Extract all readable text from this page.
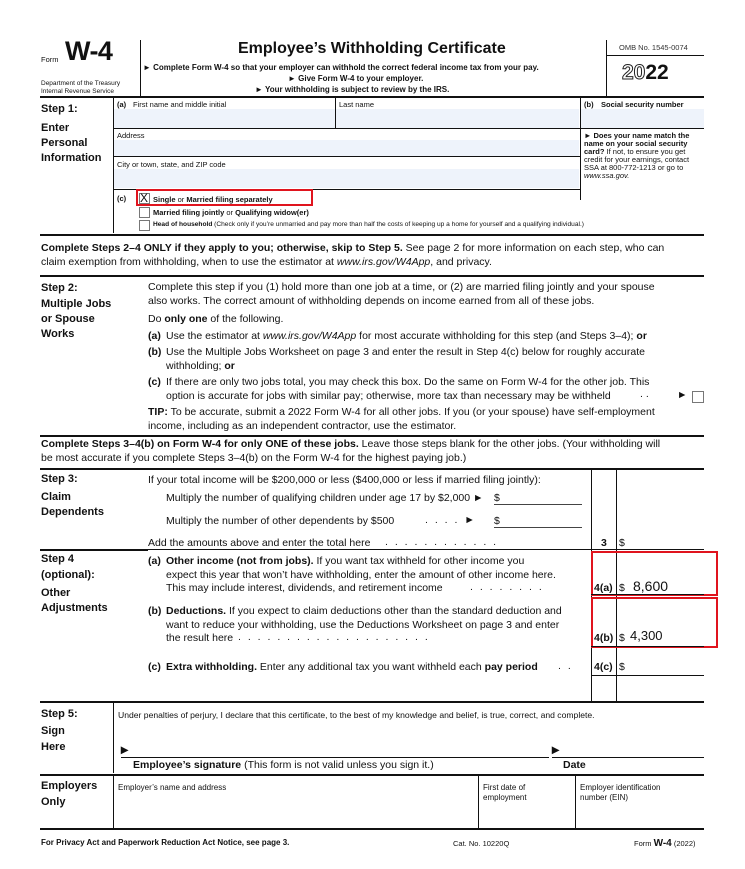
Form W-4
Department of the Treasury
Internal Revenue Service
Employee’s Withholding Certificate
► Complete Form W-4 so that your employer can withhold the correct federal income tax from your pay.
► Give Form W-4 to your employer.
► Your withholding is subject to review by the IRS.
OMB No. 1545-0074
2022
Step 1:
Enter
Personal
Information
(a) First name and middle initial	Last name	(b) Social security number
Address
City or town, state, and ZIP code
► Does your name match the
name on your social security
card? If not, to ensure you get
credit for your earnings, contact
SSA at 800-772-1213 or go to
www.ssa.gov.
(c) X Single or Married filing separately
Married filing jointly or Qualifying widow(er)
Head of household (Check only if you’re unmarried and pay more than half the costs of keeping up a home for yourself and a qualifying individual.)
Complete Steps 2–4 ONLY if they apply to you; otherwise, skip to Step 5. See page 2 for more information on each step, who can
claim exemption from withholding, when to use the estimator at www.irs.gov/W4App, and privacy.
Step 2:
Multiple Jobs
or Spouse
Works
Complete this step if you (1) hold more than one job at a time, or (2) are married filing jointly and your spouse
also works. The correct amount of withholding depends on income earned from all of these jobs.
Do only one of the following.
(a) Use the estimator at www.irs.gov/W4App for most accurate withholding for this step (and Steps 3–4); or
(b) Use the Multiple Jobs Worksheet on page 3 and enter the result in Step 4(c) below for roughly accurate
withholding; or
(c) If there are only two jobs total, you may check this box. Do the same on Form W-4 for the other job. This
option is accurate for jobs with similar pay; otherwise, more tax than necessary may be withheld	. .	►
TIP: To be accurate, submit a 2022 Form W-4 for all other jobs. If you (or your spouse) have self-employment
income, including as an independent contractor, use the estimator.
Complete Steps 3–4(b) on Form W-4 for only ONE of these jobs. Leave those steps blank for the other jobs. (Your withholding will
be most accurate if you complete Steps 3–4(b) on the Form W-4 for the highest paying job.)
Step 3:
Claim
Dependents
If your total income will be $200,000 or less ($400,000 or less if married filing jointly):
Multiply the number of qualifying children under age 17 by $2,000 ► $
Multiply the number of other dependents by $500	. . . . ► $
Add the amounts above and enter the total here . . . . . . . . . . . .	3 $
Step 4
(optional):
Other
Adjustments
(a) Other income (not from jobs). If you want tax withheld for other income you
expect this year that won’t have withholding, enter the amount of other income here.
This may include interest, dividends, and retirement income	. . . . . . . .	4(a) $ 8,600
(b) Deductions. If you expect to claim deductions other than the standard deduction and
want to reduce your withholding, use the Deductions Worksheet on page 3 and enter
the result here . . . . . . . . . . . . . . . . . . . .	4(b) $ 4,300
(c) Extra withholding. Enter any additional tax you want withheld each pay period . . 4(c) $
Step 5:
Sign
Here
Under penalties of perjury, I declare that this certificate, to the best of my knowledge and belief, is true, correct, and complete.
▸
Employee’s signature (This form is not valid unless you sign it.)
▸
Date
Employers
Only
Employer’s name and address	First date of
employment
Employer identification
number (EIN)
For Privacy Act and Paperwork Reduction Act Notice, see page 3.	Cat. No. 10220Q	Form W-4 (2022)
